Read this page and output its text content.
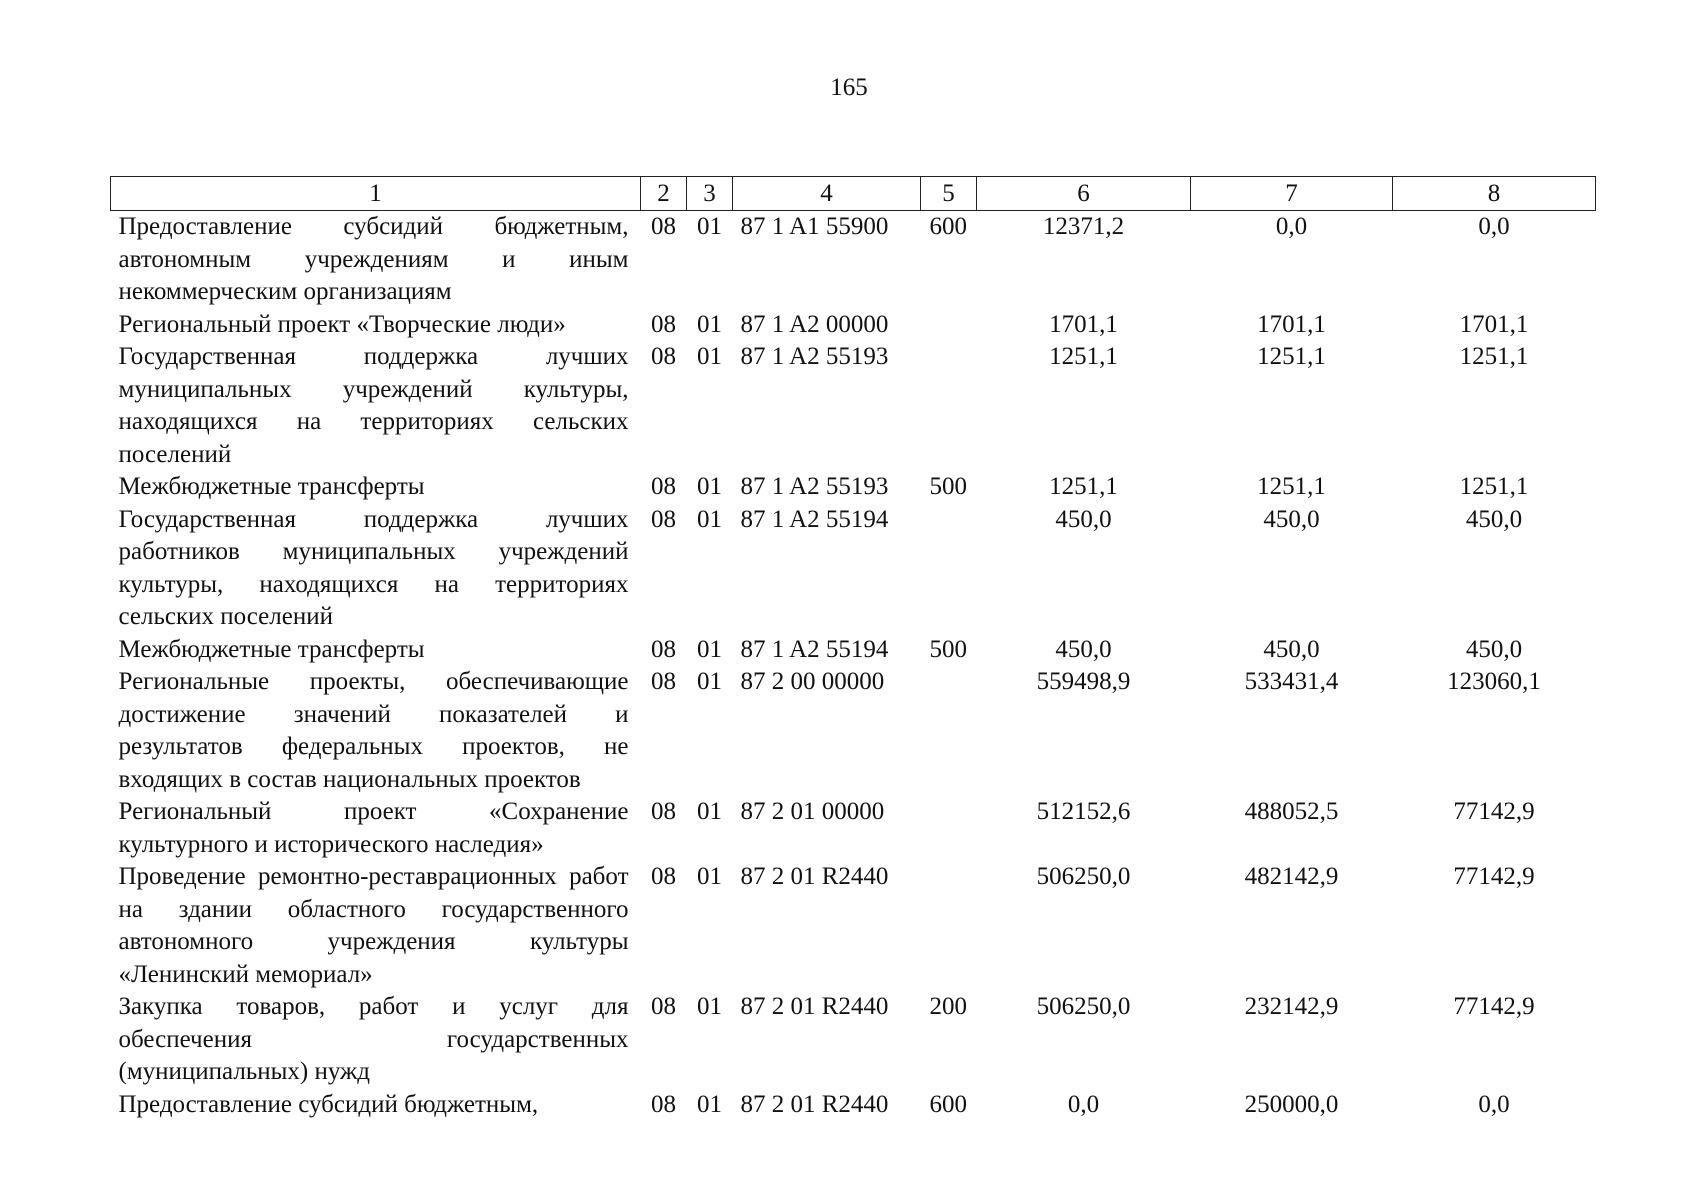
165
1	2	3	4	5	6	7	8
Предоставление субсидий бюджетным, автономным учреждениям и иным некоммерческим организациям	08	01	87 1 A1 55900	600	12371,2	0,0	0,0
Региональный проект «Творческие люди»	08	01	87 1 A2 00000		1701,1	1701,1	1701,1
Государственная поддержка лучших муниципальных учреждений культуры, находящихся на территориях сельских поселений	08	01	87 1 A2 55193		1251,1	1251,1	1251,1
Межбюджетные трансферты	08	01	87 1 A2 55193	500	1251,1	1251,1	1251,1
Государственная поддержка лучших работников муниципальных учреждений культуры, находящихся на территориях сельских поселений	08	01	87 1 A2 55194		450,0	450,0	450,0
Межбюджетные трансферты	08	01	87 1 A2 55194	500	450,0	450,0	450,0
Региональные проекты, обеспечивающие достижение значений показателей и результатов федеральных проектов, не входящих в состав национальных проектов	08	01	87 2 00 00000		559498,9	533431,4	123060,1
Региональный проект «Сохранение культурного и исторического наследия»	08	01	87 2 01 00000		512152,6	488052,5	77142,9
Проведение ремонтно-реставрационных работ на здании областного государственного автономного учреждения культуры «Ленинский мемориал»	08	01	87 2 01 R2440		506250,0	482142,9	77142,9
Закупка товаров, работ и услуг для обеспечения государственных (муниципальных) нужд	08	01	87 2 01 R2440	200	506250,0	232142,9	77142,9
Предоставление субсидий бюджетным,	08	01	87 2 01 R2440	600	0,0	250000,0	0,0
